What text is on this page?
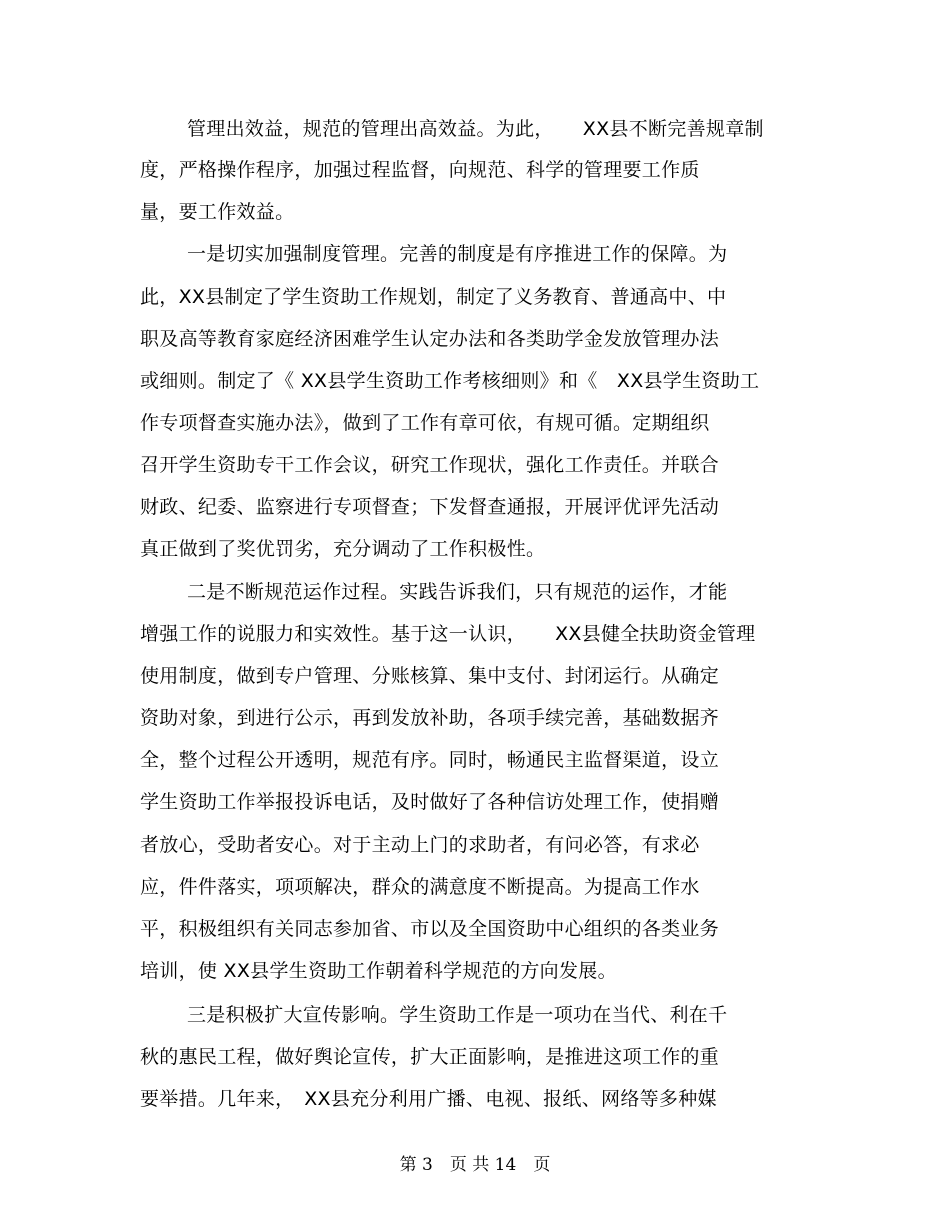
管理出效益，规范的管理出高效益。为此，　　XX县不断完善规章制
度，严格操作程序，加强过程监督，向规范、科学的管理要工作质
量，要工作效益。
一是切实加强制度管理。完善的制度是有序推进工作的保障。为
此，XX县制定了学生资助工作规划，制定了义务教育、普通高中、中
职及高等教育家庭经济困难学生认定办法和各类助学金发放管理办法
或细则。制定了《 XX县学生资助工作考核细则》和《　XX县学生资助工
作专项督查实施办法》，做到了工作有章可依，有规可循。定期组织
召开学生资助专干工作会议，研究工作现状，强化工作责任。并联合
财政、纪委、监察进行专项督查；下发督查通报，开展评优评先活动
真正做到了奖优罚劣，充分调动了工作积极性。
二是不断规范运作过程。实践告诉我们，只有规范的运作，才能
增强工作的说服力和实效性。基于这一认识，　　XX县健全扶助资金管理
使用制度，做到专户管理、分账核算、集中支付、封闭运行。从确定
资助对象，到进行公示，再到发放补助，各项手续完善，基础数据齐
全，整个过程公开透明，规范有序。同时，畅通民主监督渠道，设立
学生资助工作举报投诉电话，及时做好了各种信访处理工作，使捐赠
者放心，受助者安心。对于主动上门的求助者，有问必答，有求必
应，件件落实，项项解决，群众的满意度不断提高。为提高工作水
平，积极组织有关同志参加省、市以及全国资助中心组织的各类业务
培训，使 XX县学生资助工作朝着科学规范的方向发展。
三是积极扩大宣传影响。学生资助工作是一项功在当代、利在千
秋的惠民工程，做好舆论宣传，扩大正面影响，是推进这项工作的重
要举措。几年来，　XX县充分利用广播、电视、报纸、网络等多种媒
第 3　页 共 14　页
